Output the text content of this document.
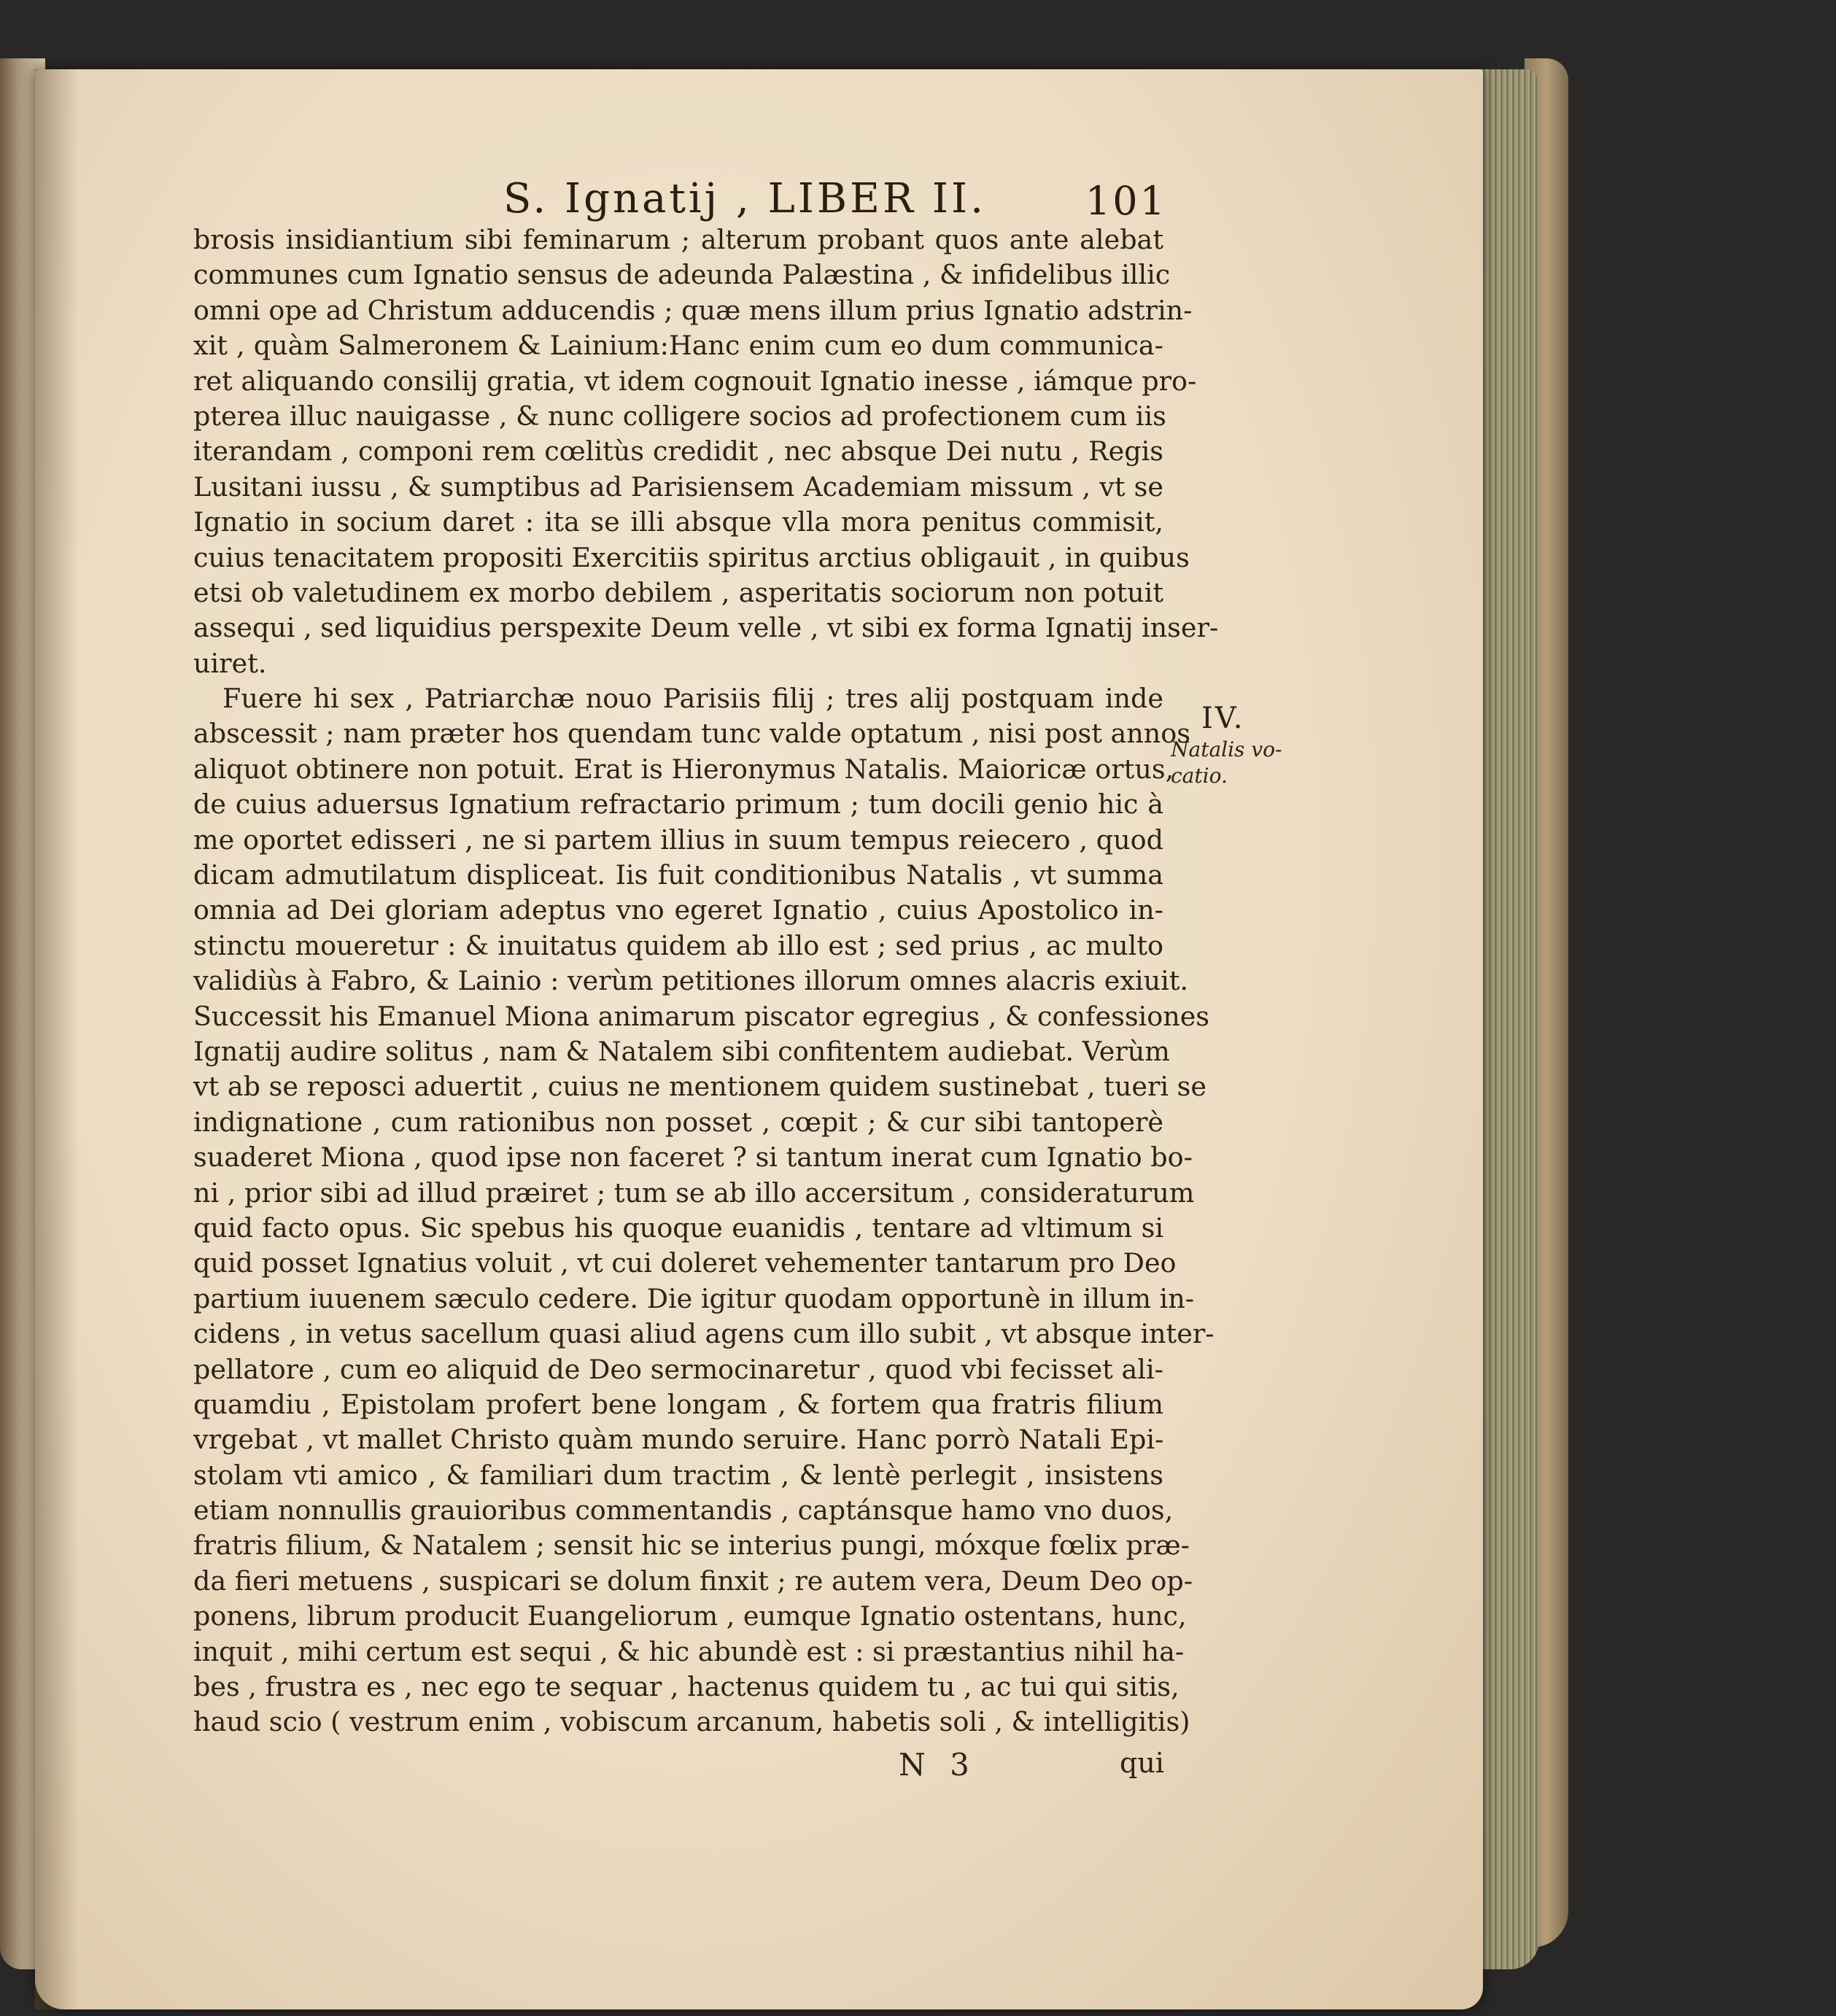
S. Ignatij , LIBER II.	101
brosis insidiantium sibi feminarum ; alterum probant quos ante alebat
communes cum Ignatio sensus de adeunda Palæstina , & infidelibus illic
omni ope ad Christum adducendis ; quæ mens illum prius Ignatio adstrin-
xit , quàm Salmeronem & Lainium:Hanc enim cum eo dum communica-
ret aliquando consilij gratia, vt idem cognouit Ignatio inesse , iámque pro-
pterea illuc nauigasse , & nunc colligere socios ad profectionem cum iis
iterandam , componi rem cœlitùs credidit , nec absque Dei nutu , Regis
Lusitani iussu , & sumptibus ad Parisiensem Academiam missum , vt se
Ignatio in socium daret : ita se illi absque vlla mora penitus commisit,
cuius tenacitatem propositi Exercitiis spiritus arctius obligauit , in quibus
etsi ob valetudinem ex morbo debilem , asperitatis sociorum non potuit
assequi , sed liquidius perspexite Deum velle , vt sibi ex forma Ignatij inser-
uiret.
Fuere hi sex , Patriarchæ nouo Parisiis filij ; tres alij postquam inde
abscessit ; nam præter hos quendam tunc valde optatum , nisi post annos
aliquot obtinere non potuit. Erat is Hieronymus Natalis. Maioricæ ortus,
de cuius aduersus Ignatium refractario primum ; tum docili genio hic à
me oportet edisseri , ne si partem illius in suum tempus reiecero , quod
dicam admutilatum displiceat. Iis fuit conditionibus Natalis , vt summa
omnia ad Dei gloriam adeptus vno egeret Ignatio , cuius Apostolico in-
stinctu moueretur : & inuitatus quidem ab illo est ; sed prius , ac multo
validiùs à Fabro, & Lainio : verùm petitiones illorum omnes alacris exiuit.
Successit his Emanuel Miona animarum piscator egregius , & confessiones
Ignatij audire solitus , nam & Natalem sibi confitentem audiebat. Verùm
vt ab se reposci aduertit , cuius ne mentionem quidem sustinebat , tueri se
indignatione , cum rationibus non posset , cœpit ; & cur sibi tantoperè
suaderet Miona , quod ipse non faceret ? si tantum inerat cum Ignatio bo-
ni , prior sibi ad illud præiret ; tum se ab illo accersitum , consideraturum
quid facto opus. Sic spebus his quoque euanidis , tentare ad vltimum si
quid posset Ignatius voluit , vt cui doleret vehementer tantarum pro Deo
partium iuuenem sæculo cedere. Die igitur quodam opportunè in illum in-
cidens , in vetus sacellum quasi aliud agens cum illo subit , vt absque inter-
pellatore , cum eo aliquid de Deo sermocinaretur , quod vbi fecisset ali-
quamdiu , Epistolam profert bene longam , & fortem qua fratris filium
vrgebat , vt mallet Christo quàm mundo seruire. Hanc porrò Natali Epi-
stolam vti amico , & familiari dum tractim , & lentè perlegit , insistens
etiam nonnullis grauioribus commentandis , captánsque hamo vno duos,
fratris filium, & Natalem ; sensit hic se interius pungi, móxque fœlix præ-
da fieri metuens , suspicari se dolum finxit ; re autem vera, Deum Deo op-
ponens, librum producit Euangeliorum , eumque Ignatio ostentans, hunc,
inquit , mihi certum est sequi , & hic abundè est : si præstantius nihil ha-
bes , frustra es , nec ego te sequar , hactenus quidem tu , ac tui qui sitis,
haud scio ( vestrum enim , vobiscum arcanum, habetis soli , & intelligitis)
IV.
Natalis vo-
catio.
N 3	qui
